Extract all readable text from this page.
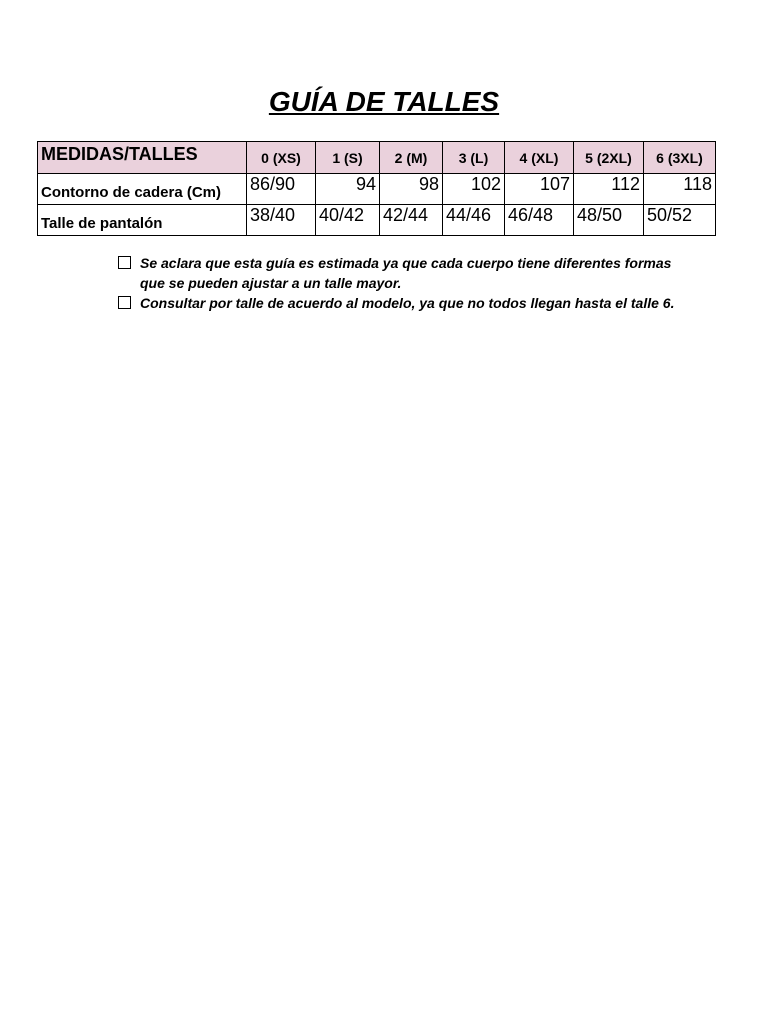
GUÍA DE TALLES
MEDIDAS/TALLES	0 (XS)	1 (S)	2 (M)	3 (L)	4 (XL)	5 (2XL)	6 (3XL)
Contorno de cadera (Cm)	86/90	94	98	102	107	112	118
Talle de pantalón	38/40	40/42	42/44	44/46	46/48	48/50	50/52
Se aclara que esta guía es estimada ya que cada cuerpo tiene diferentes formas que se pueden ajustar a un talle mayor.
Consultar por talle de acuerdo al modelo, ya que no todos llegan hasta el talle 6.
